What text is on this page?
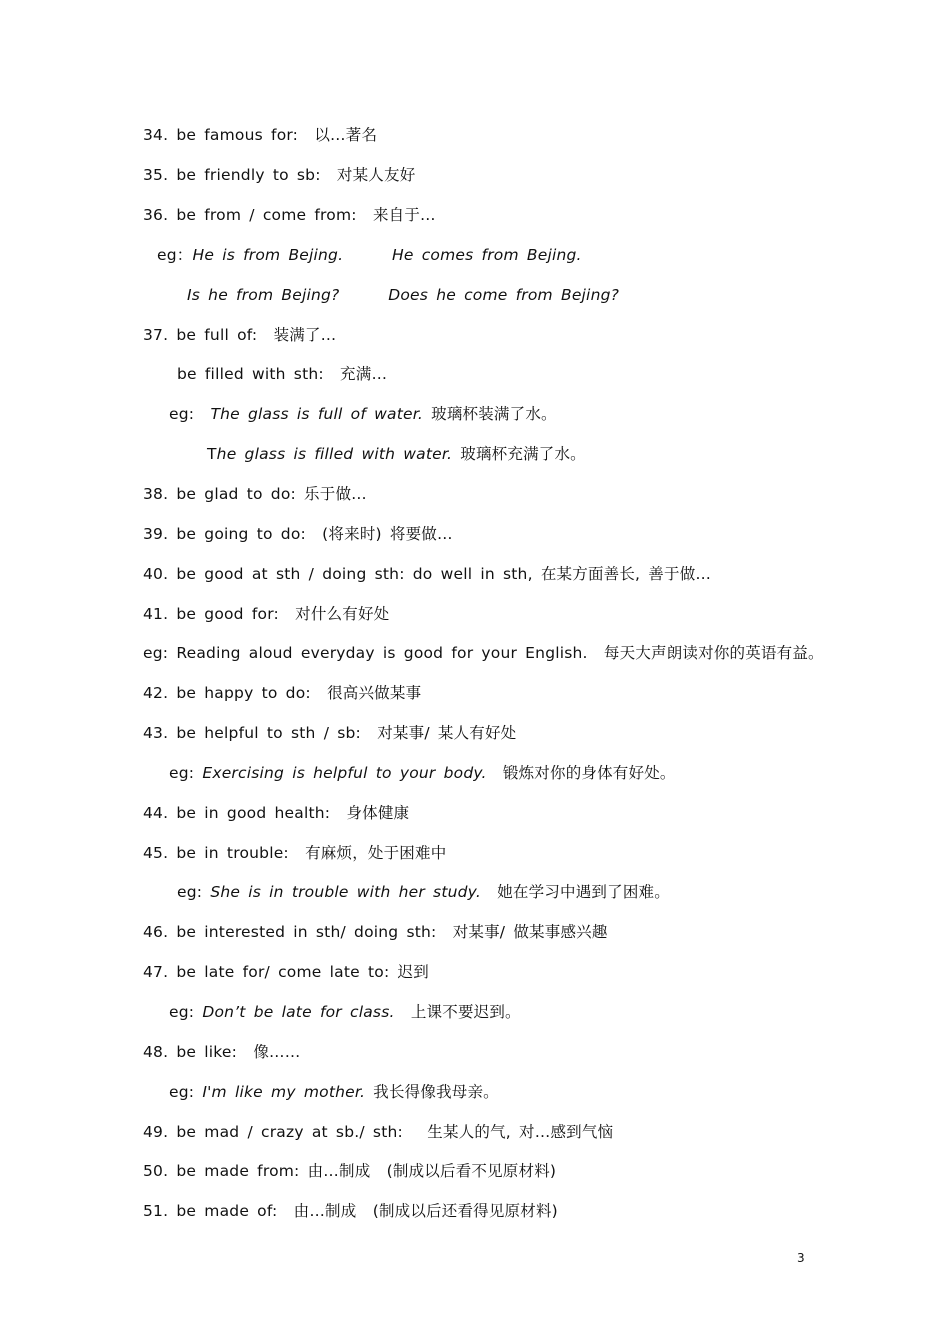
34. be famous for:  以…著名
35. be friendly to sb:  对某人友好
36. be from / come from:  来自于…
eg：He is from Bejing.      He comes from Bejing.
Is he from Bejing?      Does he come from Bejing?
37. be full of:  装满了…
be filled with sth:  充满…
eg:  The glass is full of water. 玻璃杯装满了水。
The glass is filled with water. 玻璃杯充满了水。
38. be glad to do: 乐于做…
39. be going to do:  (将来时) 将要做…
40. be good at sth / doing sth: do well in sth, 在某方面善长, 善于做…
41. be good for:  对什么有好处
eg: Reading aloud everyday is good for your English.  每天大声朗读对你的英语有益。
42. be happy to do:  很高兴做某事
43. be helpful to sth / sb:  对某事/ 某人有好处
eg: Exercising is helpful to your body.  锻炼对你的身体有好处。
44. be in good health:  身体健康
45. be in trouble:  有麻烦，处于困难中
eg: She is in trouble with her study.  她在学习中遇到了困难。
46. be interested in sth/ doing sth:  对某事/ 做某事感兴趣
47. be late for/ come late to: 迟到
eg: Don’t be late for class.  上课不要迟到。
48. be like:  像……
eg: I'm like my mother. 我长得像我母亲。
49. be mad / crazy at sb./ sth:   生某人的气, 对…感到气恼
50. be made from: 由…制成  (制成以后看不见原材料)
51. be made of:  由…制成  (制成以后还看得见原材料)
3
